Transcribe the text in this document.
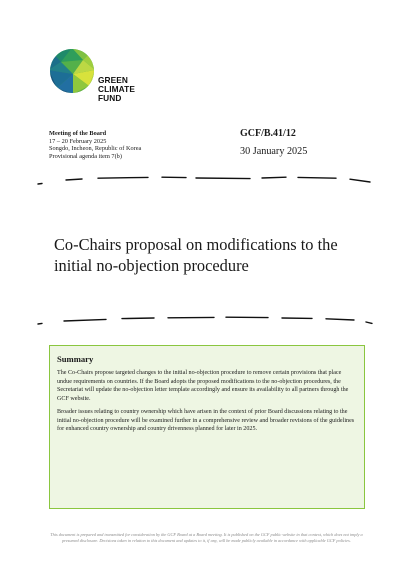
GREEN
CLIMATE
FUND
Meeting of the Board
17 – 20 February 2025
Songdo, Incheon, Republic of Korea
Provisional agenda item 7(b)
GCF/B.41/12
30 January 2025
Co-Chairs proposal on modifications to the initial no-objection procedure
Summary

The Co-Chairs propose targeted changes to the initial no-objection procedure to remove certain provisions that place undue requirements on countries. If the Board adopts the proposed modifications to the no-objection procedures, the Secretariat will update the no-objection letter template accordingly and ensure its availability to all partners through the GCF website.

Broader issues relating to country ownership which have arisen in the context of prior Board discussions relating to the initial no-objection procedure will be examined further in a comprehensive review and broader revisions of the guidelines for enhanced country ownership and country drivenness planned for later in 2025.

This document is prepared and transmitted for consideration by the GCF Board at a Board meeting. It is published on the GCF public website in that context, which does not imply a presumed disclosure. Decisions taken in relation to this document and updates to it, if any, will be made publicly available in accordance with applicable GCF policies.
